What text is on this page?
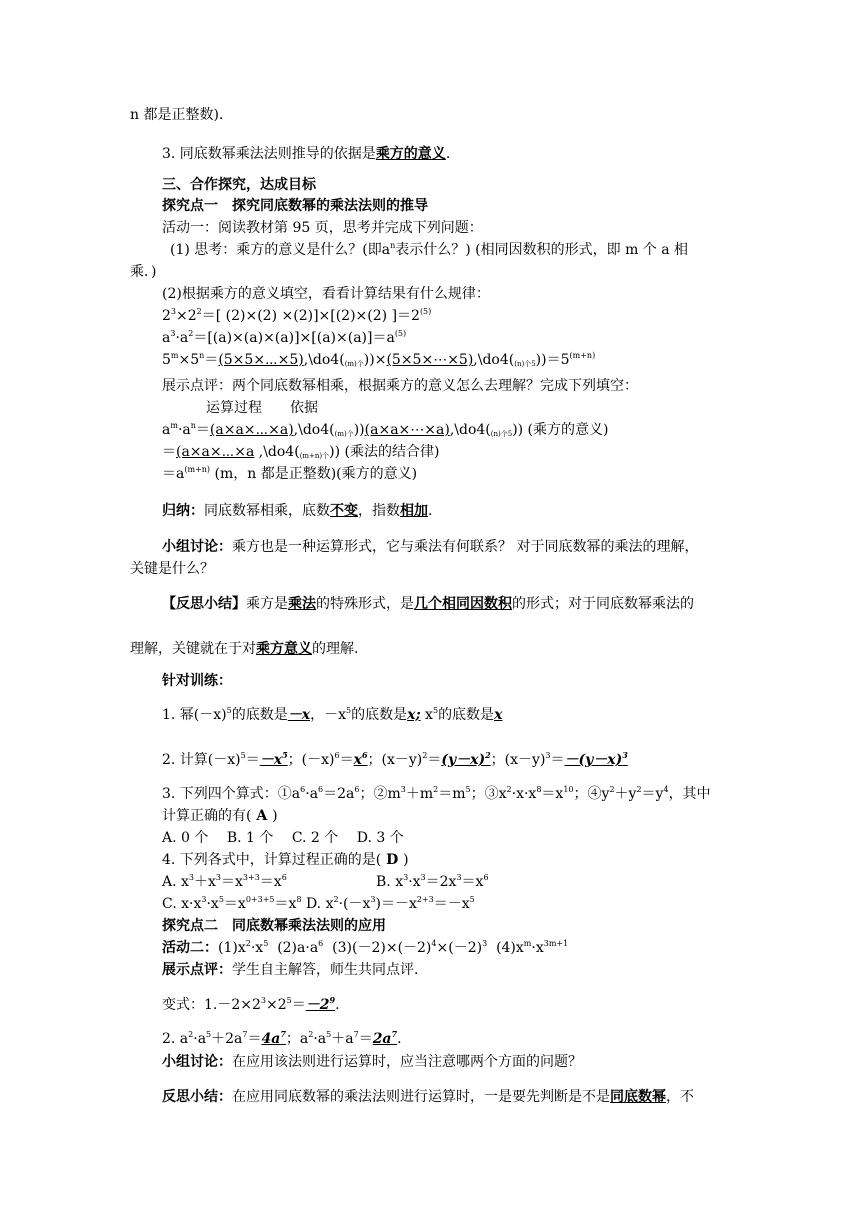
n 都是正整数).
3. 同底数幂乘法法则推导的依据是乘方的意义.
三、合作探究，达成目标
探究点一　探究同底数幂的乘法法则的推导
活动一：阅读教材第 95 页，思考并完成下列问题：
(1) 思考：乘方的意义是什么？(即$a^n$表示什么？) (相同因数积的形式，即 m 个 a 相
乘．)
(2)根据乘方的意义填空，看看计算结果有什么规律：
$2^3\times 2^2=$[ (2)×(2) ×(2)]×[(2)×(2) ]$=2^{(5)}$
$a^3\cdot a^2=[(a)\times(a)\times(a)]\times[(a)\times(a)]=a^{(5)}$
$5^m\times 5^n=(5\times 5\times\cdots\times 5),\backslash do4(_{(m)个}))\times(5\times 5\times\cdots\times 5),\backslash do4(_{(n)个5}))=5^{(m+n)}$
展示点评：两个同底数幂相乘，根据乘方的意义怎么去理解？完成下列填空：
运算过程　　依据
$a^m\cdot a^n=(a\times a\times\cdots\times a),\backslash do4(_{(m)个}))(a\times a\times\cdots\times a),\backslash do4(_{(n)个5})$) (乘方的意义)
＝(a×a×⋯×a $,\backslash do4(_{(m+n)个})$) (乘法的结合律)
$=a^{(m+n)}$ (m，n 都是正整数)(乘方的意义)
归纳：同底数幂相乘，底数不变，指数相加.
小组讨论：乘方也是一种运算形式，它与乘法有何联系？ 对于同底数幂的乘法的理解，
关键是什么？
【反思小结】乘方是乘法的特殊形式，是几个相同因数积的形式；对于同底数幂乘法的
理解，关键就在于对乘方意义的理解.
针对训练：
1. 幂$(-x)^5$的底数是－x，$-x^5$的底数是x; $x^5$的底数是x
2. 计算$(-x)^5=-x^5$；$(-x)^6=x^6$；$(x-y)^2=(y-x)^2$；$(x-y)^3=-(y-x)^3$
3. 下列四个算式：$①a^6\cdot a^6=2a^6$；$②m^3+m^2=m^5$；$③x^2\cdot x\cdot x^8=x^{10}$；$④y^2+y^2=y^4$，其中
计算正确的有( A )
A. 0 个　 B. 1 个　 C. 2 个　 D. 3 个
4. 下列各式中，计算过程正确的是( D )
A. $x^3+x^3=x^{3+3}=x^6$	B. $x^3\cdot x^3=2x^3=x^6$
C. $x\cdot x^3\cdot x^5=x^{0+3+5}=x^8$ D. $x^2\cdot(-x^3)=-x^{2+3}=-x^5$
探究点二　同底数幂乘法法则的应用
活动二：$(1)x^2\cdot x^5$ $(2)a\cdot a^6$ $(3)(-2)\times(-2)^4\times(-2)^3$ $(4)x^m\cdot x^{3m+1}$
展示点评：学生自主解答，师生共同点评.
变式：$1.-2\times 2^3\times 2^5=-2^9$.
2. $a^2\cdot a^5+2a^7=4a^7$；$a^2\cdot a^5+a^7=2a^7$.
小组讨论：在应用该法则进行运算时，应当注意哪两个方面的问题？
反思小结：在应用同底数幂的乘法法则进行运算时，一是要先判断是不是同底数幂，不
